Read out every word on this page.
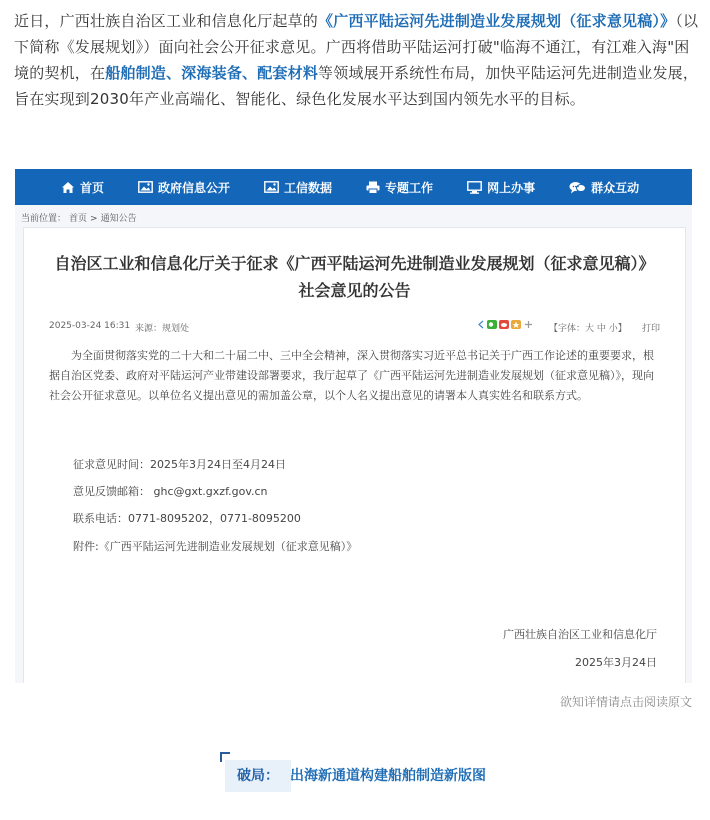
近日，广西壮族自治区工业和信息化厅起草的《广西平陆运河先进制造业发展规划（征求意见稿）》（以下简称《发展规划》）面向社会公开征求意见。广西将借助平陆运河打破"临海不通江，有江难入海"困境的契机，在船舶制造、深海装备、配套材料等领域展开系统性布局，加快平陆运河先进制造业发展，旨在实现到2030年产业高端化、智能化、绿色化发展水平达到国内领先水平的目标。

首页	政府信息公开	工信数据	专题工作	网上办事	群众互动
当前位置： 首页 > 通知公告
自治区工业和信息化厅关于征求《广西平陆运河先进制造业发展规划（征求意见稿）》社会意见的公告
2025-03-24 16:31 来源：规划处	【字体：大 中 小】 打印

为全面贯彻落实党的二十大和二十届二中、三中全会精神，深入贯彻落实习近平总书记关于广西工作论述的重要要求，根据自治区党委、政府对平陆运河产业带建设部署要求，我厅起草了《广西平陆运河先进制造业发展规划（征求意见稿）》，现向社会公开征求意见。以单位名义提出意见的需加盖公章，以个人名义提出意见的请署本人真实姓名和联系方式。

征求意见时间：2025年3月24日至4月24日
意见反馈邮箱： ghc@gxt.gxzf.gov.cn
联系电话：0771-8095202，0771-8095200
附件:《广西平陆运河先进制造业发展规划（征求意见稿）》
广西壮族自治区工业和信息化厅
2025年3月24日
欲知详情请点击阅读原文
破局： 出海新通道构建船舶制造新版图
